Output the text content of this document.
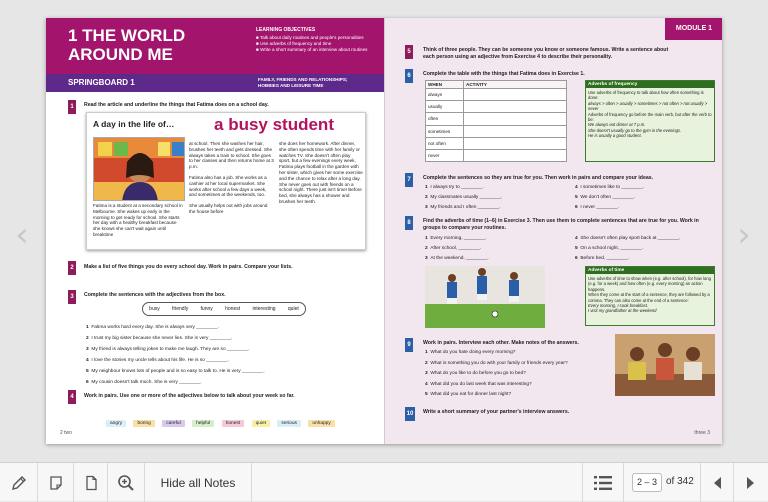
‹	›
1 THE WORLD
AROUND ME
LEARNING OBJECTIVES
■ Talk about daily routines and people's personalities
■ Use adverbs of frequency and time
■ Write a short summary of an interview about routines
SPRINGBOARD 1	FAMILY, FRIENDS AND RELATIONSHIPS;
HOBBIES AND LEISURE TIME
1	Read the article and underline the things that Fatima does on a school day.
A day in the life of…	a busy student
Fatima is a student at a secondary school in Melbourne. She wakes up early in the morning to get ready for school. She starts her day with a healthy breakfast because she knows she can't wait again until breaktime

at school. Then she washes her hair, brushes her teeth and gets dressed. She always takes a train to school. She goes to her classes and then returns home at 3 p.m.

Fatima also has a job. She works as a cashier at her local supermarket. She works after school a few days a week, and sometimes at the weekends, too.

She usually helps out with jobs around the house before

she does her homework. After dinner, she often spends time with her family or watches TV. She doesn't often play sport, but a few evenings every week, Fatima plays football in the garden with her sister, which gives her some exercise and the chance to relax after a long day. She never goes out with friends on a school night. There just isn't time! Before bed, she always has a shower and brushes her teeth.
2	Make a list of five things you do every school day. Work in pairs. Compare your lists.
3	Complete the sentences with the adjectives from the box.
busy friendly funny honest interesting quiet
1 Fatima works hard every day. She is always very ________.
2 I trust my big sister because she never lies. She is very ________.
3 My friend is always telling jokes to make me laugh. They are so ________.
4 I love the stories my uncle tells about his life. He is so ________.
5 My neighbour knows lots of people and is so easy to talk to. He is very ________.
6 My cousin doesn't talk much. She is very ________.
4	Work in pairs. Use one or more of the adjectives below to talk about your week so far.
angry	boring	careful	helpful	honest	quiet	serious	unhappy
2 two
MODULE 1
5	Think of three people. They can be someone you know or someone famous. Write a sentence about each person using an adjective from Exercise 4 to describe their personality.
6	Complete the table with the things that Fatima does in Exercise 1.
WHEN	ACTIVITY
always	
usually	
often	
sometimes	
not often	
never	
Adverbs of frequency
Use adverbs of frequency to talk about how often something is done:
always > often > usually > sometimes > not often > not usually > never
Adverbs of frequency go before the main verb, but after the verb to be:
We always eat dinner at 7 p.m.
She doesn't usually go to the gym in the evenings.
He is usually a good student.
7	Complete the sentences so they are true for you. Then work in pairs and compare your ideas.
1 I always try to ________.
2 My classmates usually ________.
3 My friends and I often ________.
4 I sometimes like to ________.
5 We don't often ________.
6 I never ________.
8	Find the adverbs of time (1–6) in Exercise 3. Then use them to complete sentences that are true for you. Work in groups to compare your routines.
1 Every morning, ________.
2 After school, ________.
3 At the weekend, ________.
4 She doesn't often play sport back at ________.
5 On a school night, ________.
6 Before bed, ________.
Adverbs of time
Use adverbs of time to show when (e.g. after school), for how long (e.g. for a week) and how often (e.g. every morning) an action happens.
When they come at the start of a sentence, they are followed by a comma. They can also come at the end of a sentence:
Every morning, I cook breakfast.
I visit my grandfather at the weekend
9	Work in pairs. Interview each other. Make notes of the answers.
1 What do you hate doing every morning?
2 What is something you do with your family or friends every year?
3 What do you like to do before you go to bed?
4 What did you do last week that was interesting?
5 What did you eat for dinner last night?
10	Write a short summary of your partner's interview answers.
three 3
Hide all Notes	2 – 3 of 342
